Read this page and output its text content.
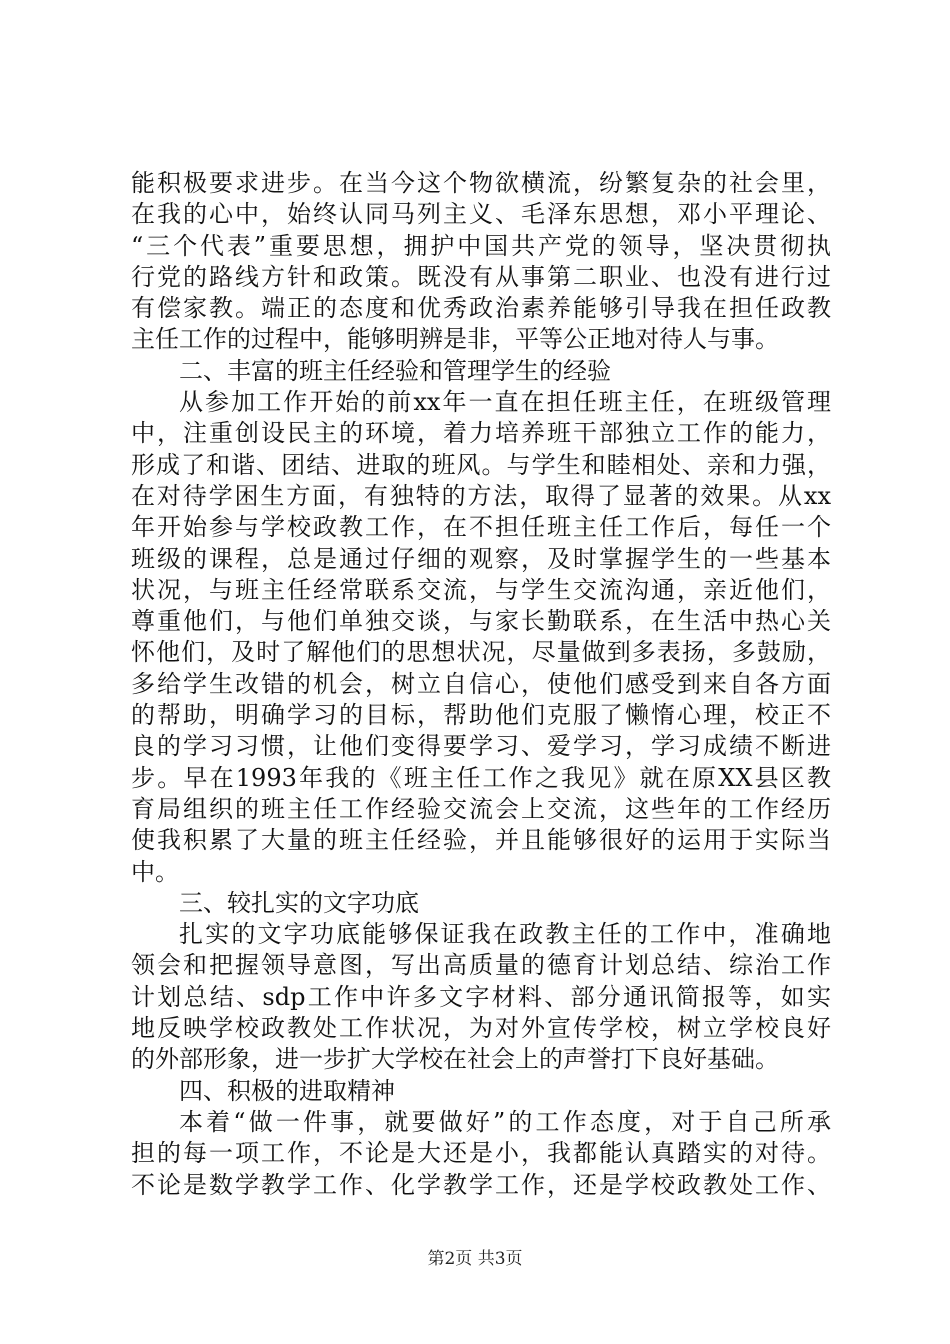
能积极要求进步。在当今这个物欲横流，纷繁复杂的社会里，
在我的心中，始终认同马列主义、毛泽东思想，邓小平理论、
“三个代表”重要思想，拥护中国共产党的领导，坚决贯彻执
行党的路线方针和政策。既没有从事第二职业、也没有进行过
有偿家教。端正的态度和优秀政治素养能够引导我在担任政教
主任工作的过程中，能够明辨是非，平等公正地对待人与事。
二、丰富的班主任经验和管理学生的经验
从参加工作开始的前xx年一直在担任班主任，在班级管理
中，注重创设民主的环境，着力培养班干部独立工作的能力，
形成了和谐、团结、进取的班风。与学生和睦相处、亲和力强，
在对待学困生方面，有独特的方法，取得了显著的效果。从xx
年开始参与学校政教工作，在不担任班主任工作后，每任一个
班级的课程，总是通过仔细的观察，及时掌握学生的一些基本
状况，与班主任经常联系交流，与学生交流沟通，亲近他们，
尊重他们，与他们单独交谈，与家长勤联系，在生活中热心关
怀他们，及时了解他们的思想状况，尽量做到多表扬，多鼓励，
多给学生改错的机会，树立自信心，使他们感受到来自各方面
的帮助，明确学习的目标，帮助他们克服了懒惰心理，校正不
良的学习习惯，让他们变得要学习、爱学习，学习成绩不断进
步。早在1993年我的《班主任工作之我见》就在原XX县区教
育局组织的班主任工作经验交流会上交流，这些年的工作经历
使我积累了大量的班主任经验，并且能够很好的运用于实际当
中。
三、较扎实的文字功底
扎实的文字功底能够保证我在政教主任的工作中，准确地
领会和把握领导意图，写出高质量的德育计划总结、综治工作
计划总结、sdp工作中许多文字材料、部分通讯简报等，如实
地反映学校政教处工作状况，为对外宣传学校，树立学校良好
的外部形象，进一步扩大学校在社会上的声誉打下良好基础。
四、积极的进取精神
本着“做一件事，就要做好”的工作态度，对于自己所承
担的每一项工作，不论是大还是小，我都能认真踏实的对待。
不论是数学教学工作、化学教学工作，还是学校政教处工作、
第2页 共3页
